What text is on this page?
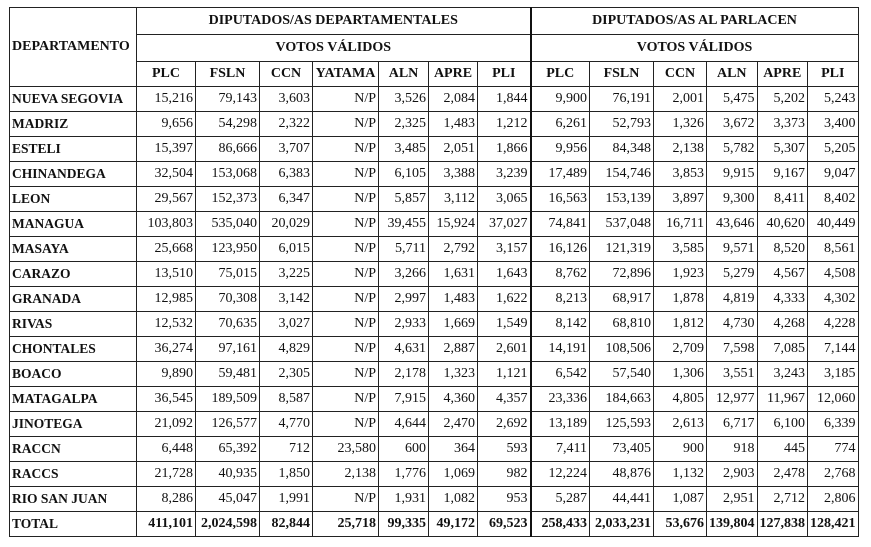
DEPARTAMENTO	DIPUTADOS/AS DEPARTAMENTALES							DIPUTADOS/AS AL PARLACEN					
	VOTOS VÁLIDOS							VOTOS VÁLIDOS					
	PLC	FSLN	CCN	YATAMA	ALN	APRE	PLI	PLC	FSLN	CCN	ALN	APRE	PLI
NUEVA SEGOVIA	15,216	79,143	3,603	N/P	3,526	2,084	1,844	9,900	76,191	2,001	5,475	5,202	5,243
MADRIZ	9,656	54,298	2,322	N/P	2,325	1,483	1,212	6,261	52,793	1,326	3,672	3,373	3,400
ESTELI	15,397	86,666	3,707	N/P	3,485	2,051	1,866	9,956	84,348	2,138	5,782	5,307	5,205
CHINANDEGA	32,504	153,068	6,383	N/P	6,105	3,388	3,239	17,489	154,746	3,853	9,915	9,167	9,047
LEON	29,567	152,373	6,347	N/P	5,857	3,112	3,065	16,563	153,139	3,897	9,300	8,411	8,402
MANAGUA	103,803	535,040	20,029	N/P	39,455	15,924	37,027	74,841	537,048	16,711	43,646	40,620	40,449
MASAYA	25,668	123,950	6,015	N/P	5,711	2,792	3,157	16,126	121,319	3,585	9,571	8,520	8,561
CARAZO	13,510	75,015	3,225	N/P	3,266	1,631	1,643	8,762	72,896	1,923	5,279	4,567	4,508
GRANADA	12,985	70,308	3,142	N/P	2,997	1,483	1,622	8,213	68,917	1,878	4,819	4,333	4,302
RIVAS	12,532	70,635	3,027	N/P	2,933	1,669	1,549	8,142	68,810	1,812	4,730	4,268	4,228
CHONTALES	36,274	97,161	4,829	N/P	4,631	2,887	2,601	14,191	108,506	2,709	7,598	7,085	7,144
BOACO	9,890	59,481	2,305	N/P	2,178	1,323	1,121	6,542	57,540	1,306	3,551	3,243	3,185
MATAGALPA	36,545	189,509	8,587	N/P	7,915	4,360	4,357	23,336	184,663	4,805	12,977	11,967	12,060
JINOTEGA	21,092	126,577	4,770	N/P	4,644	2,470	2,692	13,189	125,593	2,613	6,717	6,100	6,339
RACCN	6,448	65,392	712	23,580	600	364	593	7,411	73,405	900	918	445	774
RACCS	21,728	40,935	1,850	2,138	1,776	1,069	982	12,224	48,876	1,132	2,903	2,478	2,768
RIO SAN JUAN	8,286	45,047	1,991	N/P	1,931	1,082	953	5,287	44,441	1,087	2,951	2,712	2,806
TOTAL	411,101	2,024,598	82,844	25,718	99,335	49,172	69,523	258,433	2,033,231	53,676	139,804	127,838	128,421
